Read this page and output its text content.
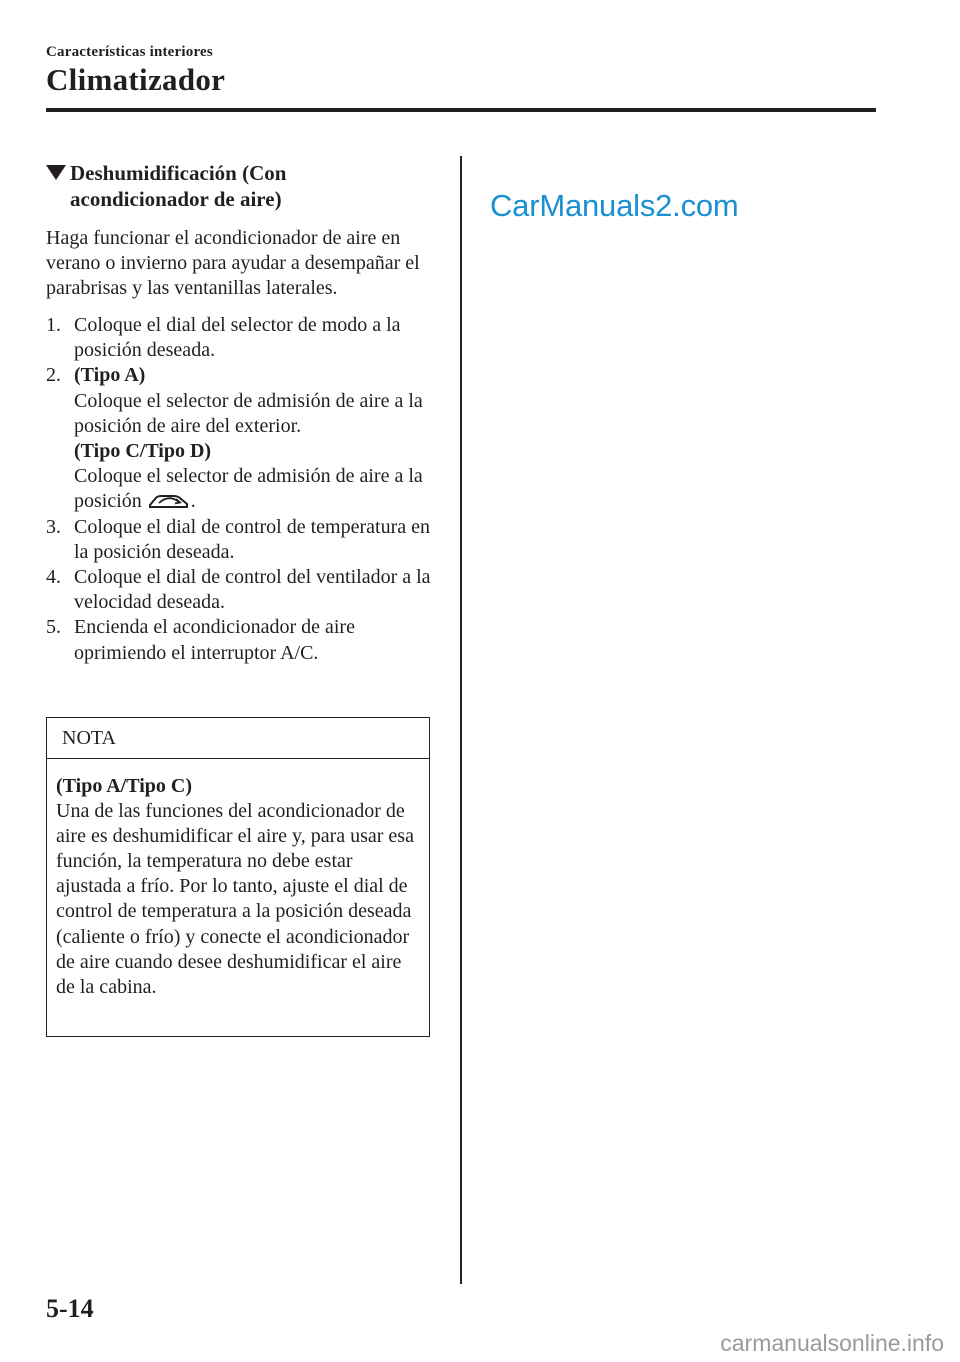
Características interiores
Climatizador
Deshumidificación (Con
acondicionador de aire)
Haga funcionar el acondicionador de aire en verano o invierno para ayudar a desempañar el parabrisas y las ventanillas laterales.
1. Coloque el dial del selector de modo a la posición deseada.
2. (Tipo A)
Coloque el selector de admisión de aire a la posición de aire del exterior.
(Tipo C/Tipo D)
Coloque el selector de admisión de aire a la posición .
3. Coloque el dial de control de temperatura en la posición deseada.
4. Coloque el dial de control del ventilador a la velocidad deseada.
5. Encienda el acondicionador de aire oprimiendo el interruptor A/C.
NOTA
(Tipo A/Tipo C)
Una de las funciones del acondicionador de aire es deshumidificar el aire y, para usar esa función, la temperatura no debe estar ajustada a frío. Por lo tanto, ajuste el dial de control de temperatura a la posición deseada (caliente o frío) y conecte el acondicionador de aire cuando desee deshumidificar el aire de la cabina.
CarManuals2.com
5-14
carmanualsonline.info
